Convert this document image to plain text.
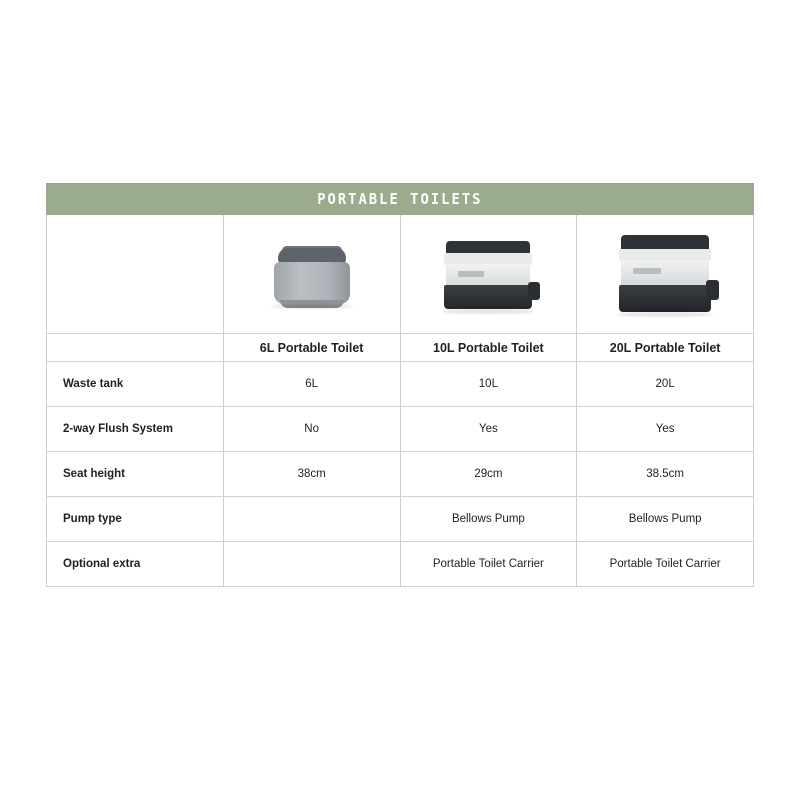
PORTABLE TOILETS			

	6L Portable Toilet	10L Portable Toilet	20L Portable Toilet
Waste tank	6L	10L	20L
2-way Flush System	No	Yes	Yes
Seat height	38cm	29cm	38.5cm
Pump type		Bellows Pump	Bellows Pump
Optional extra		Portable Toilet Carrier	Portable Toilet Carrier
